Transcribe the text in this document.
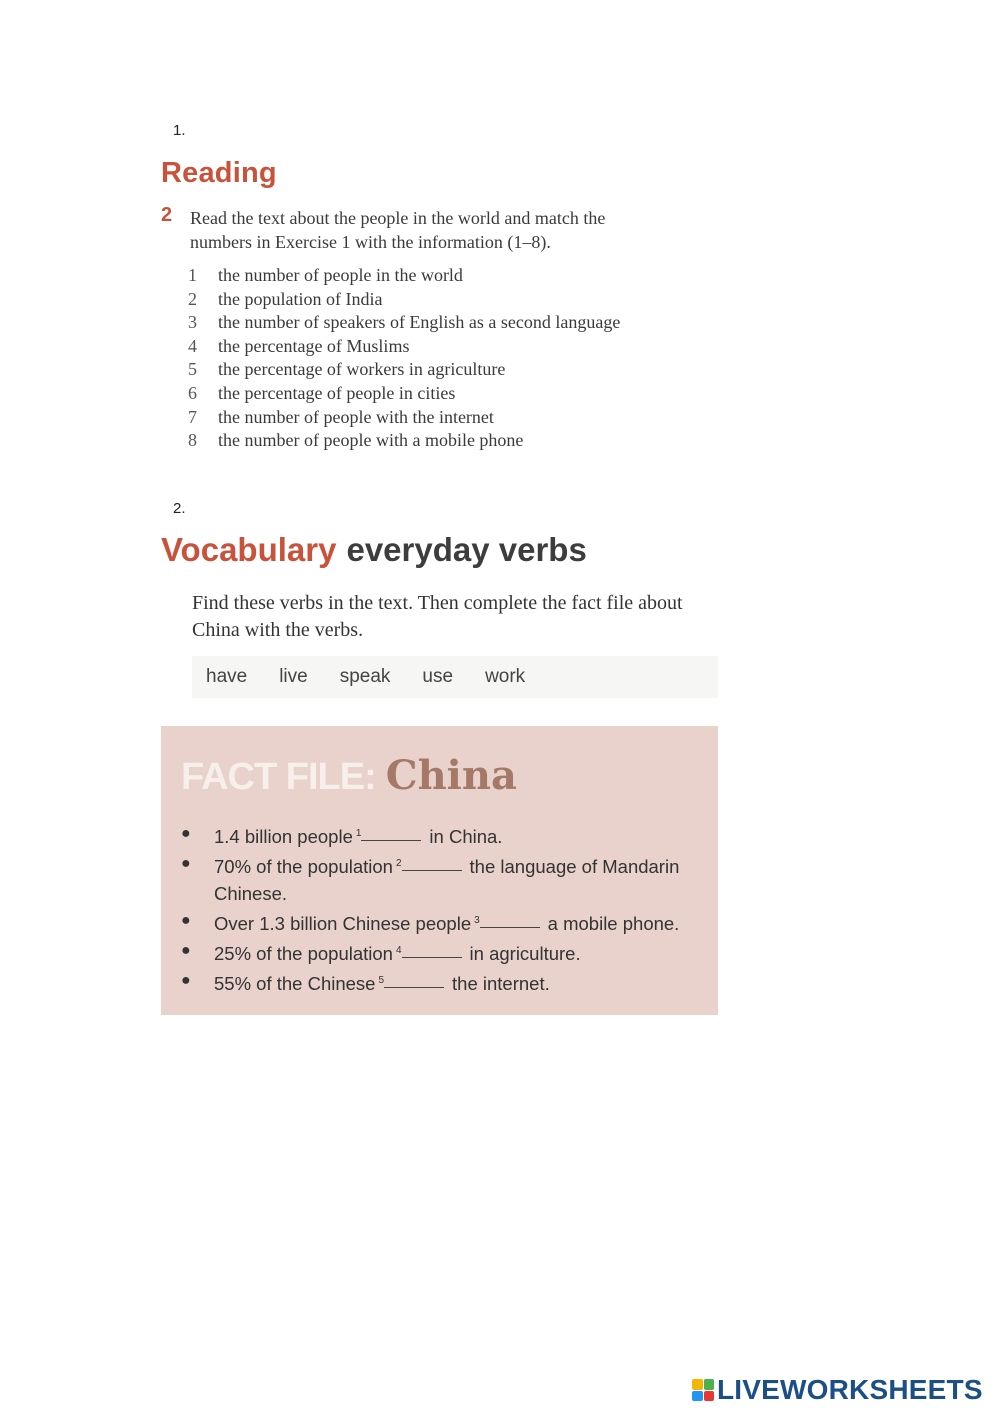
1.
Reading
2 Read the text about the people in the world and match the numbers in Exercise 1 with the information (1–8).
1	the number of people in the world
2	the population of India
3	the number of speakers of English as a second language
4	the percentage of Muslims
5	the percentage of workers in agriculture
6	the percentage of people in cities
7	the number of people with the internet
8	the number of people with a mobile phone
2.
Vocabulary everyday verbs
Find these verbs in the text. Then complete the fact file about China with the verbs.
have live speak use work
FACT FILE: China
●	1.4 billion people $^1$	in China.
●	70% of the population $^2$	the language of Mandarin Chinese.
●	Over 1.3 billion Chinese people $^3$	a mobile phone.
●	25% of the population $^4$	in agriculture.
●	55% of the Chinese $^5$	the internet.
LIVEWORKSHEETS
